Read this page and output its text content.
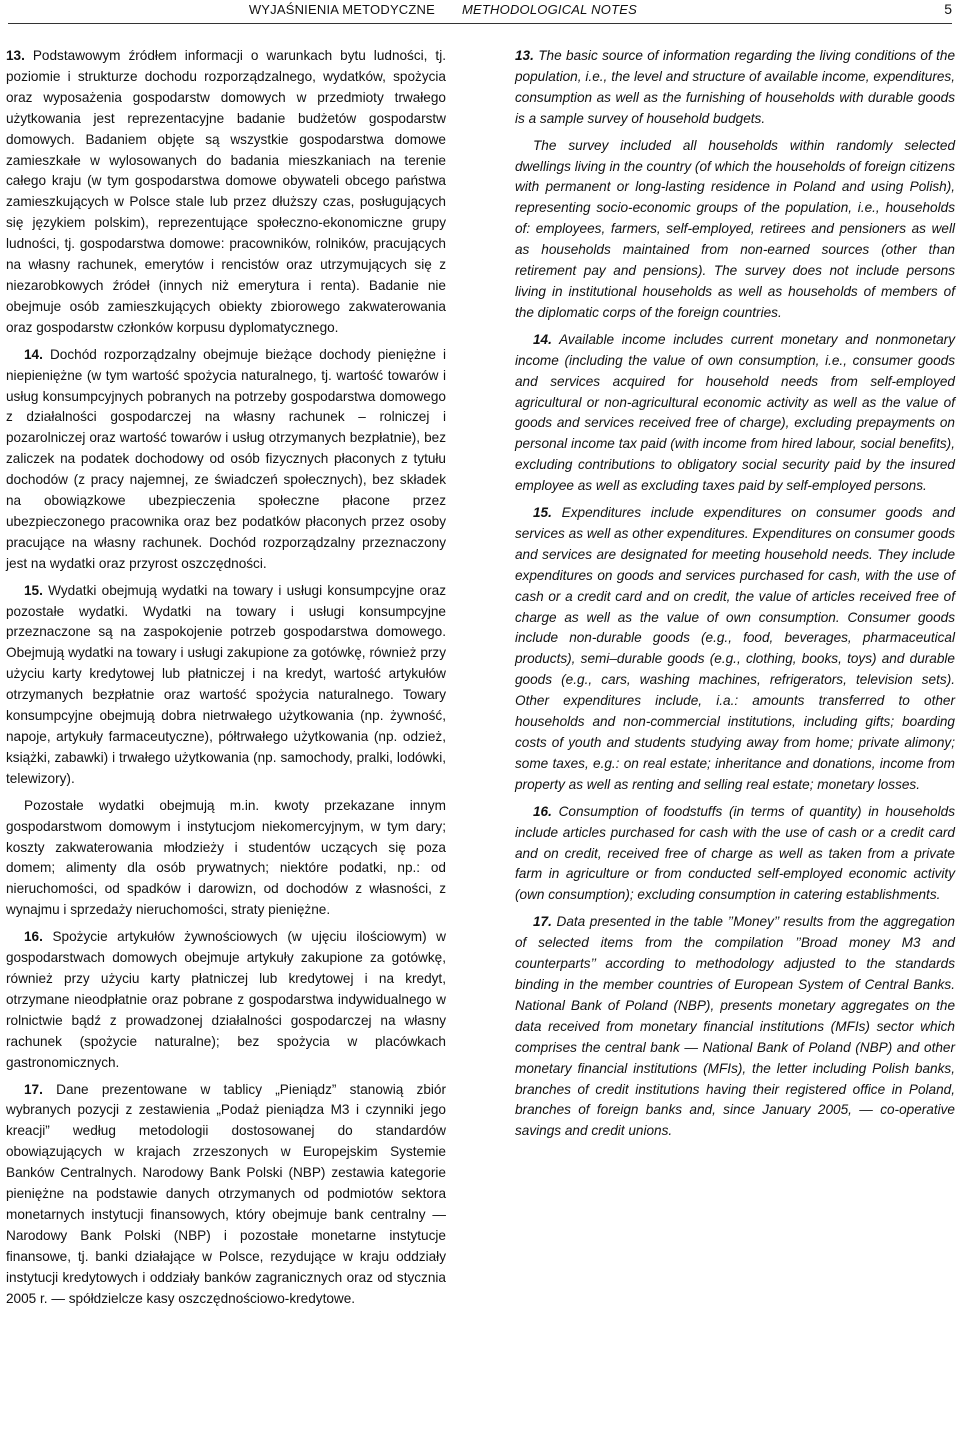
WYJAŚNIENIA METODYCZNE METHODOLOGICAL NOTES	5

13. Podstawowym źródłem informacji o warunkach bytu ludności, tj. poziomie i strukturze dochodu rozporządzalnego, wydatków, spożycia oraz wyposażenia gospodarstw domowych w przedmioty trwałego użytkowania jest reprezentacyjne badanie budżetów gospodarstw domowych. Badaniem objęte są wszystkie gospodarstwa domowe zamieszkałe w wylosowanych do badania mieszkaniach na terenie całego kraju (w tym gospodarstwa domowe obywateli obcego państwa zamieszkujących w Polsce stale lub przez dłuższy czas, posługujących się językiem polskim), reprezentujące społeczno-ekonomiczne grupy ludności, tj. gospodarstwa domowe: pracowników, rolników, pracujących na własny rachunek, emerytów i rencistów oraz utrzymujących się z niezarobkowych źródeł (innych niż emerytura i renta). Badanie nie obejmuje osób zamieszkujących obiekty zbiorowego zakwaterowania oraz gospodarstw członków korpusu dyplomatycznego.

14. Dochód rozporządzalny obejmuje bieżące dochody pieniężne i niepieniężne (w tym wartość spożycia naturalnego, tj. wartość towarów i usług konsumpcyjnych pobranych na potrzeby gospodarstwa domowego z działalności gospodarczej na własny rachunek – rolniczej i pozarolniczej oraz wartość towarów i usług otrzymanych bezpłatnie), bez zaliczek na podatek dochodowy od osób fizycznych płaconych z tytułu dochodów (z pracy najemnej, ze świadczeń społecznych), bez składek na obowiązkowe ubezpieczenia społeczne płacone przez ubezpieczonego pracownika oraz bez podatków płaconych przez osoby pracujące na własny rachunek. Dochód rozporządzalny przeznaczony jest na wydatki oraz przyrost oszczędności.

15. Wydatki obejmują wydatki na towary i usługi konsumpcyjne oraz pozostałe wydatki. Wydatki na towary i usługi konsumpcyjne przeznaczone są na zaspokojenie potrzeb gospodarstwa domowego. Obejmują wydatki na towary i usługi zakupione za gotówkę, również przy użyciu karty kredytowej lub płatniczej i na kredyt, wartość artykułów otrzymanych bezpłatnie oraz wartość spożycia naturalnego. Towary konsumpcyjne obejmują dobra nietrwałego użytkowania (np. żywność, napoje, artykuły farmaceutyczne), półtrwałego użytkowania (np. odzież, książki, zabawki) i trwałego użytkowania (np. samochody, pralki, lodówki, telewizory).

Pozostałe wydatki obejmują m.in. kwoty przekazane innym gospodarstwom domowym i instytucjom niekomercyjnym, w tym dary; koszty zakwaterowania młodzieży i studentów uczących się poza domem; alimenty dla osób prywatnych; niektóre podatki, np.: od nieruchomości, od spadków i darowizn, od dochodów z własności, z wynajmu i sprzedaży nieruchomości, straty pieniężne.

16. Spożycie artykułów żywnościowych (w ujęciu ilościowym) w gospodarstwach domowych obejmuje artykuły zakupione za gotówkę, również przy użyciu karty płatniczej lub kredytowej i na kredyt, otrzymane nieodpłatnie oraz pobrane z gospodarstwa indywidualnego w rolnictwie bądź z prowadzonej działalności gospodarczej na własny rachunek (spożycie naturalne); bez spożycia w placówkach gastronomicznych.

17. Dane prezentowane w tablicy „Pieniądz” stanowią zbiór wybranych pozycji z zestawienia „Podaż pieniądza M3 i czynniki jego kreacji” według metodologii dostosowanej do standardów obowiązujących w krajach zrzeszonych w Europejskim Systemie Banków Centralnych. Narodowy Bank Polski (NBP) zestawia kategorie pieniężne na podstawie danych otrzymanych od podmiotów sektora monetarnych instytucji finansowych, który obejmuje bank centralny — Narodowy Bank Polski (NBP) i pozostałe monetarne instytucje finansowe, tj. banki działające w Polsce, rezydujące w kraju oddziały instytucji kredytowych i oddziały banków zagranicznych oraz od stycznia 2005 r. — spółdzielcze kasy oszczędnościowo-kredytowe.

13. The basic source of information regarding the living conditions of the population, i.e., the level and structure of available income, expenditures, consumption as well as the furnishing of households with durable goods is a sample survey of household budgets.

The survey included all households within randomly selected dwellings living in the country (of which the households of foreign citizens with permanent or long-lasting residence in Poland and using Polish), representing socio-economic groups of the population, i.e., households of: employees, farmers, self-employed, retirees and pensioners as well as households maintained from non-earned sources (other than retirement pay and pensions). The survey does not include persons living in institutional households as well as households of members of the diplomatic corps of the foreign countries.

14. Available income includes current monetary and nonmonetary income (including the value of own consumption, i.e., consumer goods and services acquired for household needs from self-employed agricultural or non-agricultural economic activity as well as the value of goods and services received free of charge), excluding prepayments on personal income tax paid (with income from hired labour, social benefits), excluding contributions to obligatory social security paid by the insured employee as well as excluding taxes paid by self-employed persons.

15. Expenditures include expenditures on consumer goods and services as well as other expenditures. Expenditures on consumer goods and services are designated for meeting household needs. They include expenditures on goods and services purchased for cash, with the use of cash or a credit card and on credit, the value of articles received free of charge as well as the value of own consumption. Consumer goods include non-durable goods (e.g., food, beverages, pharmaceutical products), semi–durable goods (e.g., clothing, books, toys) and durable goods (e.g., cars, washing machines, refrigerators, television sets). Other expenditures include, i.a.: amounts transferred to other households and non-commercial institutions, including gifts; boarding costs of youth and students studying away from home; private alimony; some taxes, e.g.: on real estate; inheritance and donations, income from property as well as renting and selling real estate; monetary losses.

16. Consumption of foodstuffs (in terms of quantity) in households include articles purchased for cash with the use of cash or a credit card and on credit, received free of charge as well as taken from a private farm in agriculture or from conducted self-employed economic activity (own consumption); excluding consumption in catering establishments.

17. Data presented in the table ’’Money’’ results from the aggregation of selected items from the compilation ’’Broad money M3 and counterparts’’ according to methodology adjusted to the standards binding in the member countries of European System of Central Banks. National Bank of Poland (NBP), presents monetary aggregates on the data received from monetary financial institutions (MFIs) sector which comprises the central bank — National Bank of Poland (NBP) and other monetary financial institutions (MFIs), the letter including Polish banks, branches of credit institutions having their registered office in Poland, branches of foreign banks and, since January 2005, — co-operative savings and credit unions.
